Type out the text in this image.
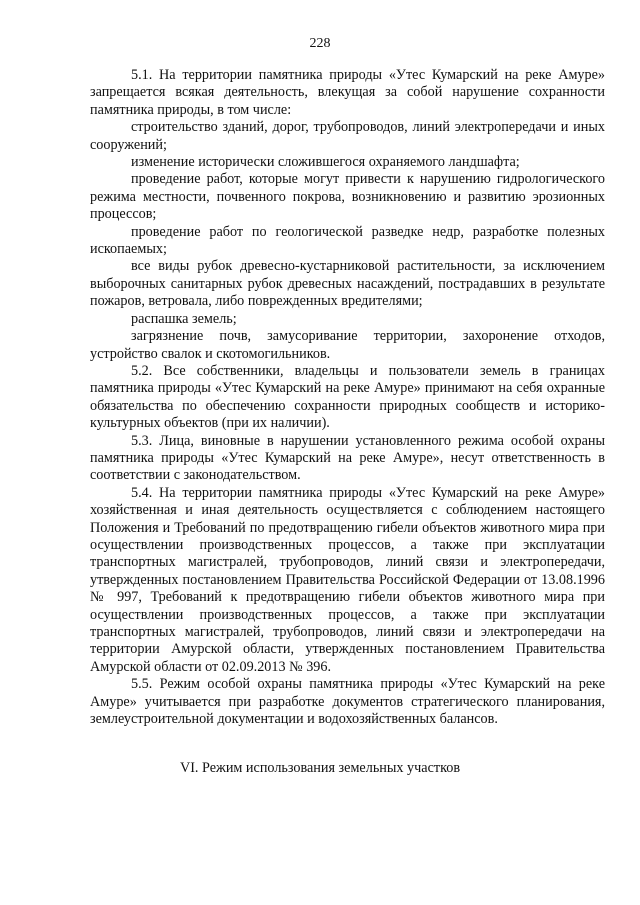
228

5.1. На территории памятника природы «Утес Кумарский на реке Амуре» запрещается всякая деятельность, влекущая за собой нарушение сохранности памятника природы, в том числе:

строительство зданий, дорог, трубопроводов, линий электропередачи и иных сооружений;

изменение исторически сложившегося охраняемого ландшафта;

проведение работ, которые могут привести к нарушению гидрологического режима местности, почвенного покрова, возникновению и развитию эрозионных процессов;

проведение работ по геологической разведке недр, разработке полезных ископаемых;

все виды рубок древесно-кустарниковой растительности, за исключением выборочных санитарных рубок древесных насаждений, пострадавших в результате пожаров, ветровала, либо поврежденных вредителями;

распашка земель;

загрязнение почв, замусоривание территории, захоронение отходов, устройство свалок и скотомогильников.

5.2. Все собственники, владельцы и пользователи земель в границах памятника природы «Утес Кумарский на реке Амуре» принимают на себя охранные обязательства по обеспечению сохранности природных сообществ и историко-культурных объектов (при их наличии).

5.3. Лица, виновные в нарушении установленного режима особой охраны памятника природы «Утес Кумарский на реке Амуре», несут ответственность в соответствии с законодательством.

5.4. На территории памятника природы «Утес Кумарский на реке Амуре» хозяйственная и иная деятельность осуществляется с соблюдением настоящего Положения и Требований по предотвращению гибели объектов животного мира при осуществлении производственных процессов, а также при эксплуатации транспортных магистралей, трубопроводов, линий связи и электропередачи, утвержденных постановлением Правительства Российской Федерации от 13.08.1996 № 997, Требований к предотвращению гибели объектов животного мира при осуществлении производственных процессов, а также при эксплуатации транспортных магистралей, трубопроводов, линий связи и электропередачи на территории Амурской области, утвержденных постановлением Правительства Амурской области от 02.09.2013 № 396.

5.5. Режим особой охраны памятника природы «Утес Кумарский на реке Амуре» учитывается при разработке документов стратегического планирования, землеустроительной документации и водохозяйственных балансов.

VI. Режим использования земельных участков
